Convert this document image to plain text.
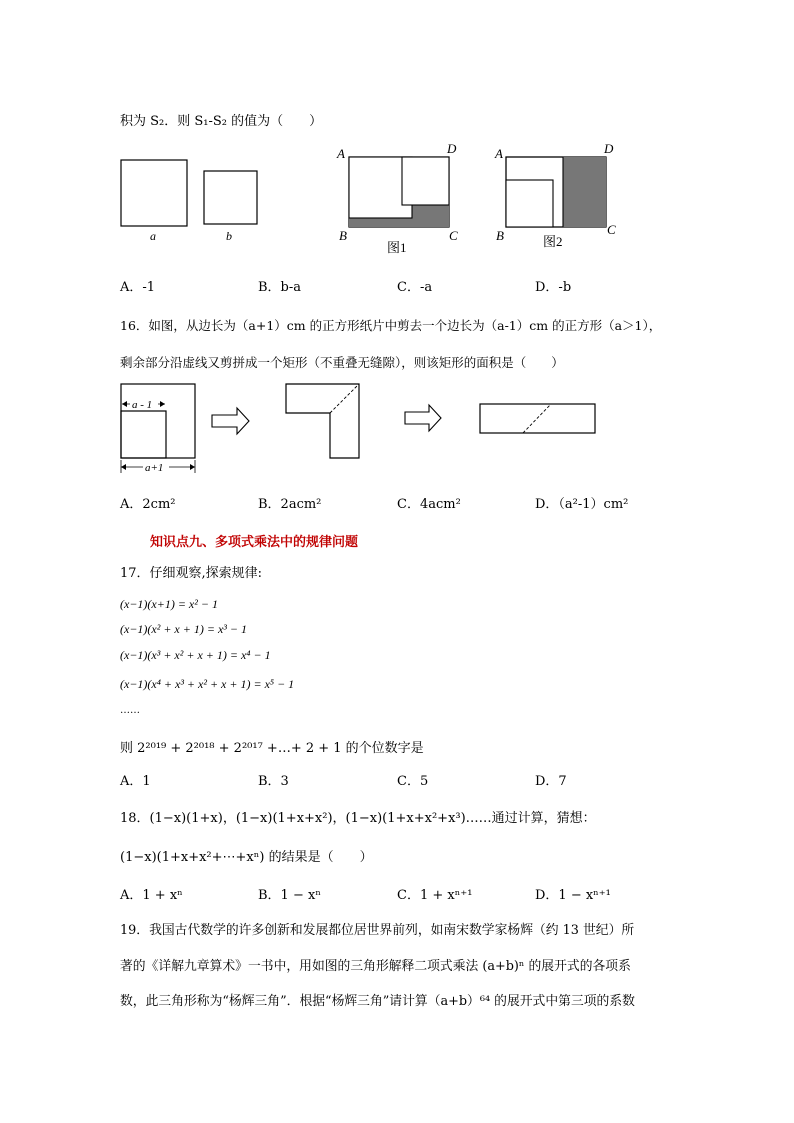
积为 S₂．则 S₁-S₂ 的值为（　　）
a	b
A	D
B	C
图1
A	D
B	C
图2
A．-1	B．b-a	C．-a	D．-b
16．如图，从边长为（a+1）cm 的正方形纸片中剪去一个边长为（a-1）cm 的正方形（a＞1），
剩余部分沿虚线又剪拼成一个矩形（不重叠无缝隙），则该矩形的面积是（　　）
a - 1
a+1
A．2cm²	B．2acm²	C．4acm²	D．（a²-1）cm²
知识点九、多项式乘法中的规律问题
17．仔细观察,探索规律:
(x−1)(x+1) = x² − 1
(x−1)(x² + x + 1) = x³ − 1
(x−1)(x³ + x² + x + 1) = x⁴ − 1
(x−1)(x⁴ + x³ + x² + x + 1) = x⁵ − 1
……
则 2²⁰¹⁹ + 2²⁰¹⁸ + 2²⁰¹⁷ +…+ 2 + 1 的个位数字是
A．1	B．3	C．5	D．7
18．(1−x)(1+x)，(1−x)(1+x+x²)，(1−x)(1+x+x²+x³)……通过计算，猜想：
(1−x)(1+x+x²+⋯+xⁿ) 的结果是（　　）
A．1 + xⁿ	B．1 − xⁿ	C．1 + xⁿ⁺¹	D．1 − xⁿ⁺¹
19．我国古代数学的许多创新和发展都位居世界前列，如南宋数学家杨辉（约 13 世纪）所
著的《详解九章算术》一书中，用如图的三角形解释二项式乘法 (a+b)ⁿ 的展开式的各项系
数，此三角形称为“杨辉三角”．根据“杨辉三角”请计算（a+b）⁶⁴ 的展开式中第三项的系数
